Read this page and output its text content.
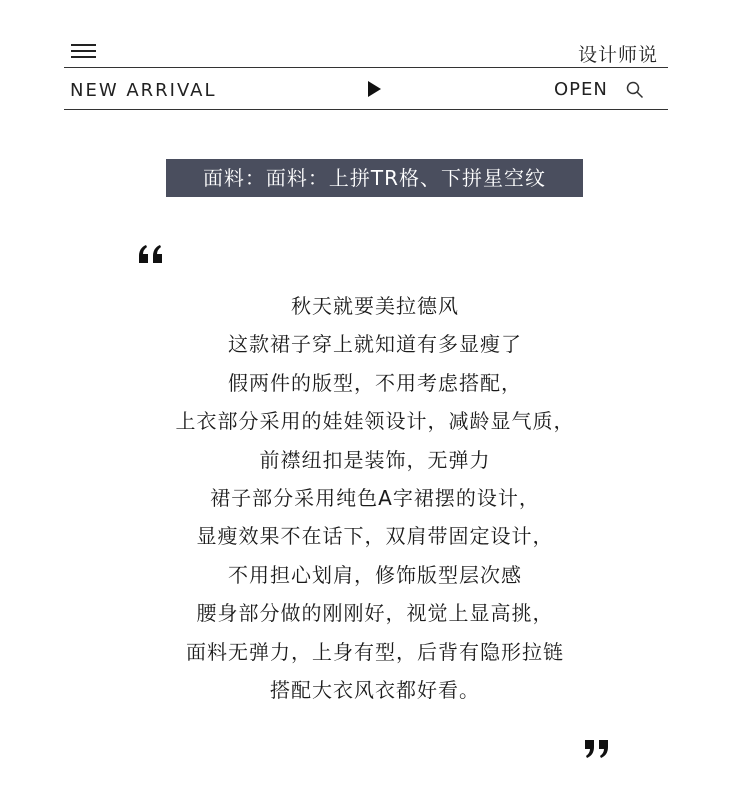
设计师说
NEW ARRIVAL	OPEN
面料：面料：上拼TR格、下拼星空纹
秋天就要美拉德风
这款裙子穿上就知道有多显瘦了
假两件的版型，不用考虑搭配，
上衣部分采用的娃娃领设计，减龄显气质，
前襟纽扣是装饰，无弹力
裙子部分采用纯色A字裙摆的设计，
显瘦效果不在话下，双肩带固定设计，
不用担心划肩，修饰版型层次感
腰身部分做的刚刚好，视觉上显高挑，
面料无弹力，上身有型，后背有隐形拉链
搭配大衣风衣都好看。
